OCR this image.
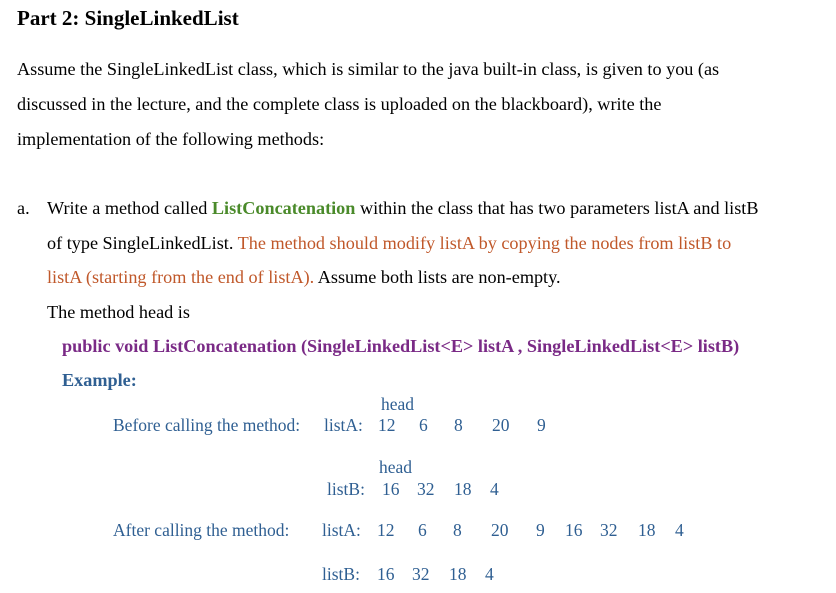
Part 2: SingleLinkedList
Assume the SingleLinkedList class, which is similar to the java built-in class, is given to you (as
discussed in the lecture, and the complete class is uploaded on the blackboard), write the
implementation of the following methods:
a. Write a method called ListConcatenation within the class that has two parameters listA and listB
of type SingleLinkedList. The method should modify listA by copying the nodes from listB to
listA (starting from the end of listA). Assume both lists are non-empty.
The method head is
public void ListConcatenation (SingleLinkedList<E> listA , SingleLinkedList<E> listB)
Example:
head
Before calling the method: listA: 12 6 8 20 9
head
listB: 16 32 18 4
After calling the method: listA: 12 6 8 20 9 16 32 18 4
listB: 16 32 18 4
